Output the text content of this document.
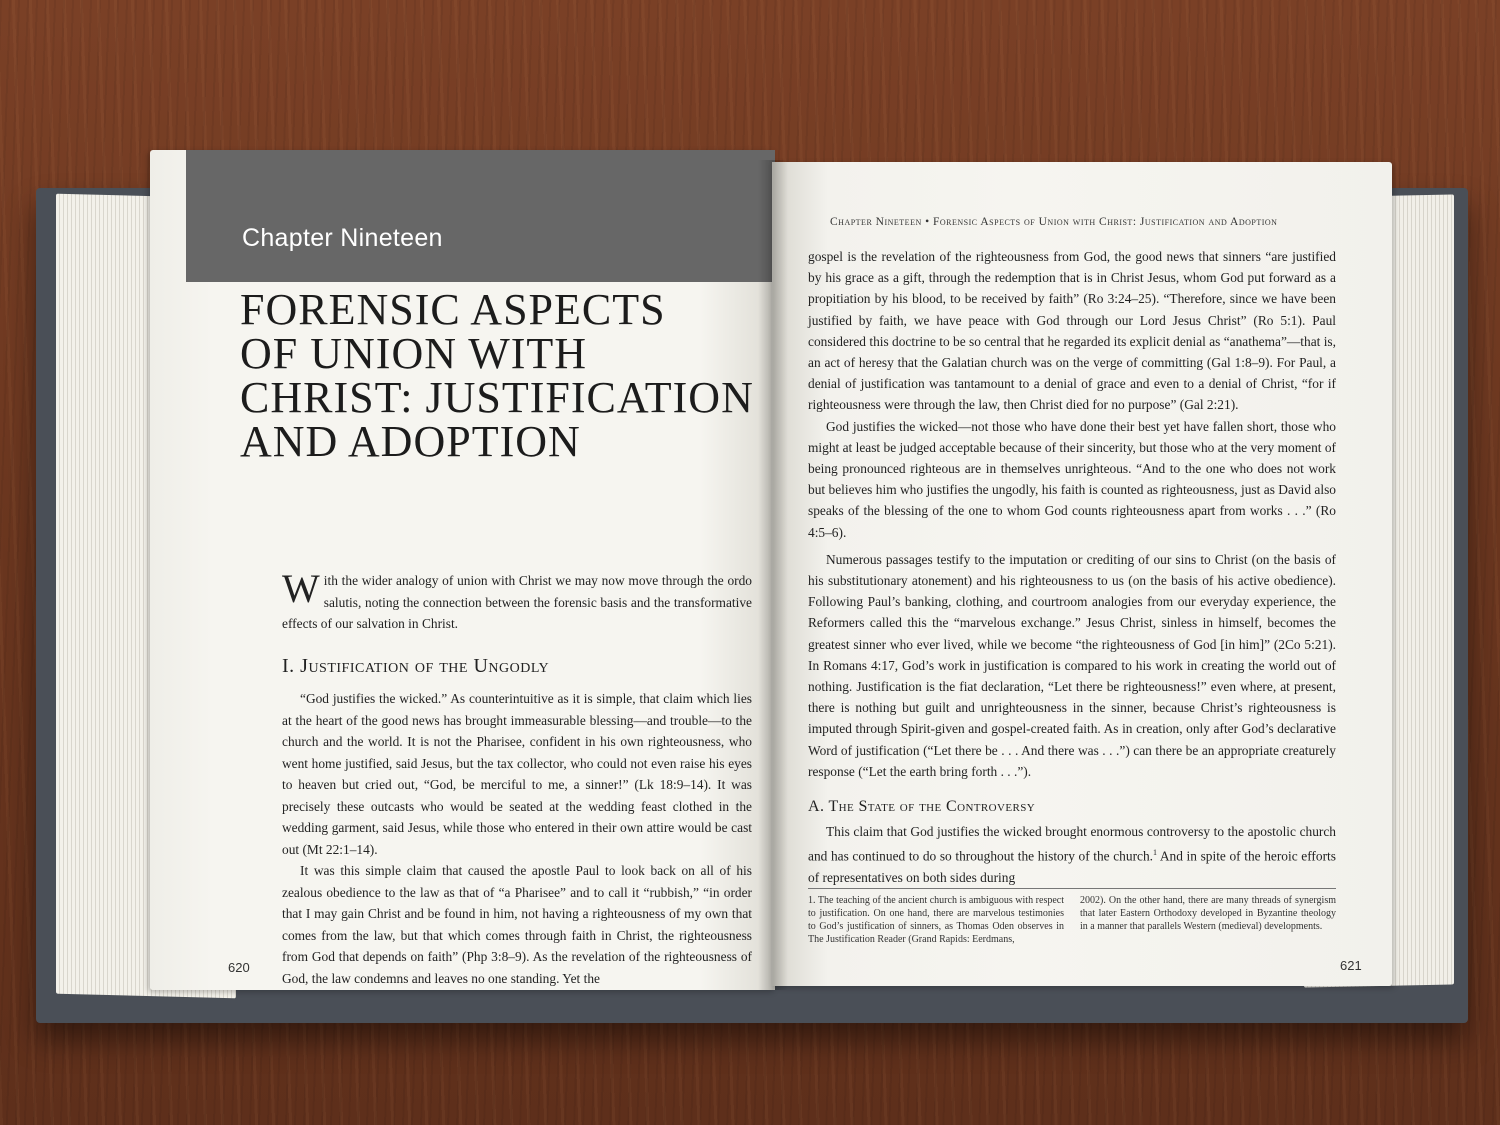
Chapter Nineteen
FORENSIC ASPECTS
OF UNION WITH
CHRIST: JUSTIFICATION
AND ADOPTION
With the wider analogy of union with Christ we may now move through the ordo salutis, noting the connection between the forensic basis and the transformative effects of our salvation in Christ.
I. Justification of the Ungodly

“God justifies the wicked.” As counterintuitive as it is simple, that claim which lies at the heart of the good news has brought immeasurable blessing—and trouble—to the church and the world. It is not the Pharisee, confident in his own righteousness, who went home justified, said Jesus, but the tax collector, who could not even raise his eyes to heaven but cried out, “God, be merciful to me, a sinner!” (Lk 18:9–14). It was precisely these outcasts who would be seated at the wedding feast clothed in the wedding garment, said Jesus, while those who entered in their own attire would be cast out (Mt 22:1–14).

It was this simple claim that caused the apostle Paul to look back on all of his zealous obedience to the law as that of “a Pharisee” and to call it “rubbish,” “in order that I may gain Christ and be found in him, not having a righteousness of my own that comes from the law, but that which comes through faith in Christ, the righteousness from God that depends on faith” (Php 3:8–9). As the revelation of the righteousness of God, the law condemns and leaves no one standing. Yet the

620
Chapter Nineteen • Forensic Aspects of Union with Christ: Justification and Adoption

gospel is the revelation of the righteousness from God, the good news that sinners “are justified by his grace as a gift, through the redemption that is in Christ Jesus, whom God put forward as a propitiation by his blood, to be received by faith” (Ro 3:24–25). “Therefore, since we have been justified by faith, we have peace with God through our Lord Jesus Christ” (Ro 5:1). Paul considered this doctrine to be so central that he regarded its explicit denial as “anathema”—that is, an act of heresy that the Galatian church was on the verge of committing (Gal 1:8–9). For Paul, a denial of justification was tantamount to a denial of grace and even to a denial of Christ, “for if righteousness were through the law, then Christ died for no purpose” (Gal 2:21).

God justifies the wicked—not those who have done their best yet have fallen short, those who might at least be judged acceptable because of their sincerity, but those who at the very moment of being pronounced righteous are in themselves unrighteous. “And to the one who does not work but believes him who justifies the ungodly, his faith is counted as righteousness, just as David also speaks of the blessing of the one to whom God counts righteousness apart from works . . .” (Ro 4:5–6).

Numerous passages testify to the imputation or crediting of our sins to Christ (on the basis of his substitutionary atonement) and his righteousness to us (on the basis of his active obedience). Following Paul’s banking, clothing, and courtroom analogies from our everyday experience, the Reformers called this the “marvelous exchange.” Jesus Christ, sinless in himself, becomes the greatest sinner who ever lived, while we become “the righteousness of God [in him]” (2Co 5:21). In Romans 4:17, God’s work in justification is compared to his work in creating the world out of nothing. Justification is the fiat declaration, “Let there be righteousness!” even where, at present, there is nothing but guilt and unrighteousness in the sinner, because Christ’s righteousness is imputed through Spirit-given and gospel-created faith. As in creation, only after God’s declarative Word of justification (“Let there be . . . And there was . . .”) can there be an appropriate creaturely response (“Let the earth bring forth . . .”).

A. The State of the Controversy

This claim that God justifies the wicked brought enormous controversy to the apostolic church and has continued to do so throughout the history of the church.$^1$ And in spite of the heroic efforts of representatives on both sides during

1. The teaching of the ancient church is ambiguous with respect to justification. On one hand, there are marvelous testimonies to God’s justification of sinners, as Thomas Oden observes in The Justification Reader (Grand Rapids: Eerdmans,

2002). On the other hand, there are many threads of synergism that later Eastern Orthodoxy developed in Byzantine theology in a manner that parallels Western (medieval) developments.

621
